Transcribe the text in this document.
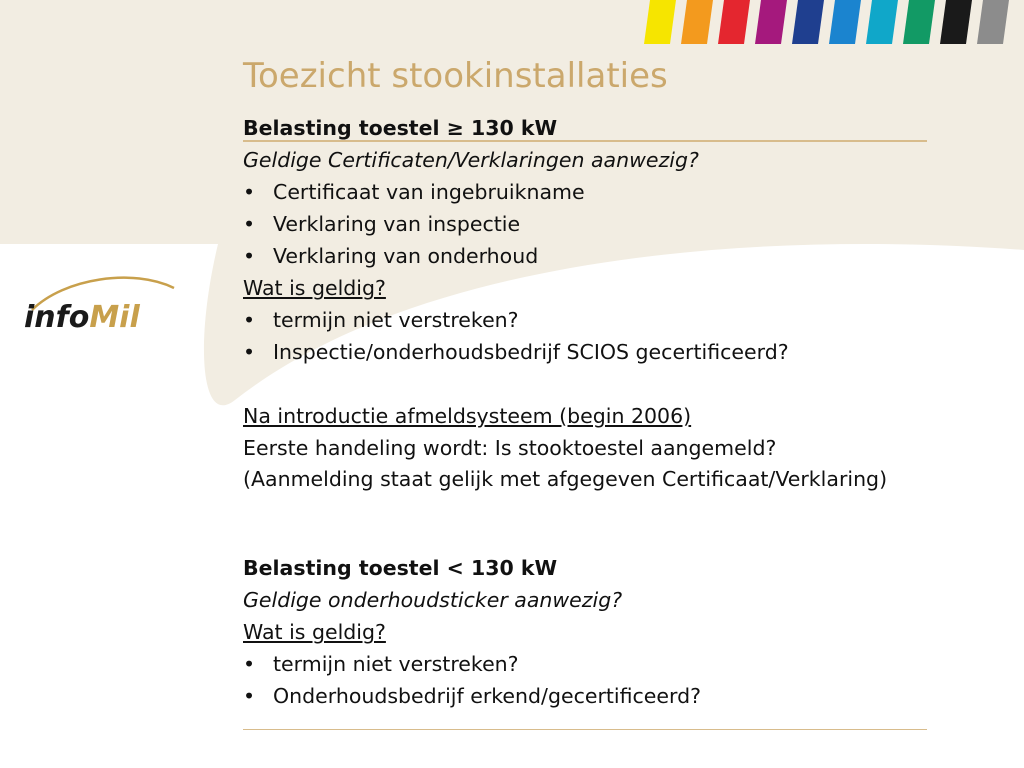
infoMil
Toezicht stookinstallaties
Belasting toestel ≥ 130 kW
Geldige Certificaten/Verklaringen aanwezig?
• Certificaat van ingebruikname
• Verklaring van inspectie
• Verklaring van onderhoud
Wat is geldig?
• termijn niet verstreken?
• Inspectie/onderhoudsbedrijf SCIOS gecertificeerd?
Na introductie afmeldsysteem (begin 2006)
Eerste handeling wordt: Is stooktoestel aangemeld?
(Aanmelding staat gelijk met afgegeven Certificaat/Verklaring)
Belasting toestel < 130 kW
Geldige onderhoudsticker aanwezig?
Wat is geldig?
• termijn niet verstreken?
• Onderhoudsbedrijf erkend/gecertificeerd?
